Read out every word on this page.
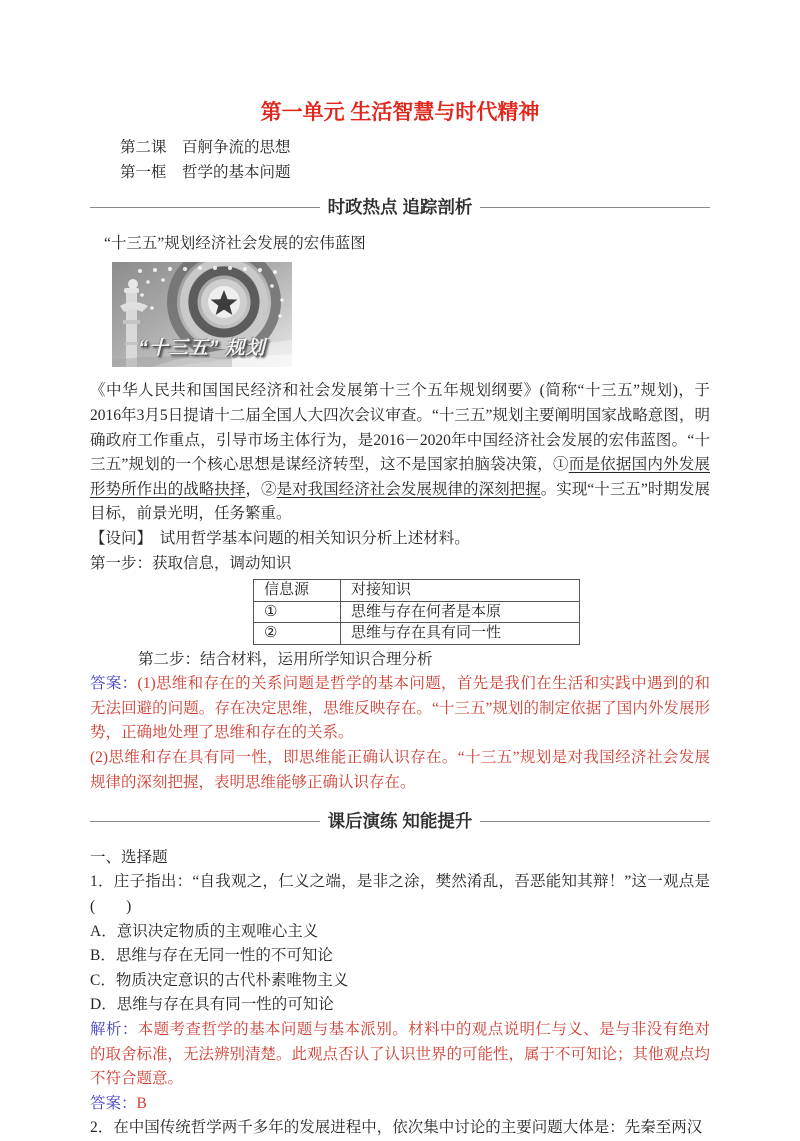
第一单元 生活智慧与时代精神
第二课　百舸争流的思想
第一框　哲学的基本问题
时政热点 追踪剖析
“十三五”规划经济社会发展的宏伟蓝图
“十三五” 规划

《中华人民共和国国民经济和社会发展第十三个五年规划纲要》(简称“十三五”规划)，于2016年3月5日提请十二届全国人大四次会议审查。“十三五”规划主要阐明国家战略意图，明确政府工作重点，引导市场主体行为，是2016－2020年中国经济社会发展的宏伟蓝图。“十三五”规划的一个核心思想是谋经济转型，这不是国家拍脑袋决策，①而是依据国内外发展形势所作出的战略抉择，②是对我国经济社会发展规律的深刻把握。实现“十三五”时期发展目标，前景光明，任务繁重。

【设问】　 试用哲学基本问题的相关知识分析上述材料。

第一步：获取信息，调动知识

信息源	对接知识
①	思维与存在何者是本原
②	思维与存在具有同一性

第二步：结合材料，运用所学知识合理分析

答案：(1)思维和存在的关系问题是哲学的基本问题，首先是我们在生活和实践中遇到的和无法回避的问题。存在决定思维，思维反映存在。“十三五”规划的制定依据了国内外发展形势，正确地处理了思维和存在的关系。

(2)思维和存在具有同一性，即思维能正确认识存在。“十三五”规划是对我国经济社会发展规律的深刻把握，表明思维能够正确认识存在。

课后演练 知能提升
一、选择题

1．庄子指出：“自我观之，仁义之端，是非之涂，樊然淆乱，吾恶能知其辩！”这一观点是(　　)

A．意识决定物质的主观唯心主义
B．思维与存在无同一性的不可知论
C．物质决定意识的古代朴素唯物主义
D．思维与存在具有同一性的可知论

解析：本题考查哲学的基本问题与基本派别。材料中的观点说明仁与义、是与非没有绝对的取舍标准，无法辨别清楚。此观点否认了认识世界的可能性，属于不可知论；其他观点均不符合题意。

答案：B

2．在中国传统哲学两千多年的发展进程中，依次集中讨论的主要问题大体是：先秦至两汉
